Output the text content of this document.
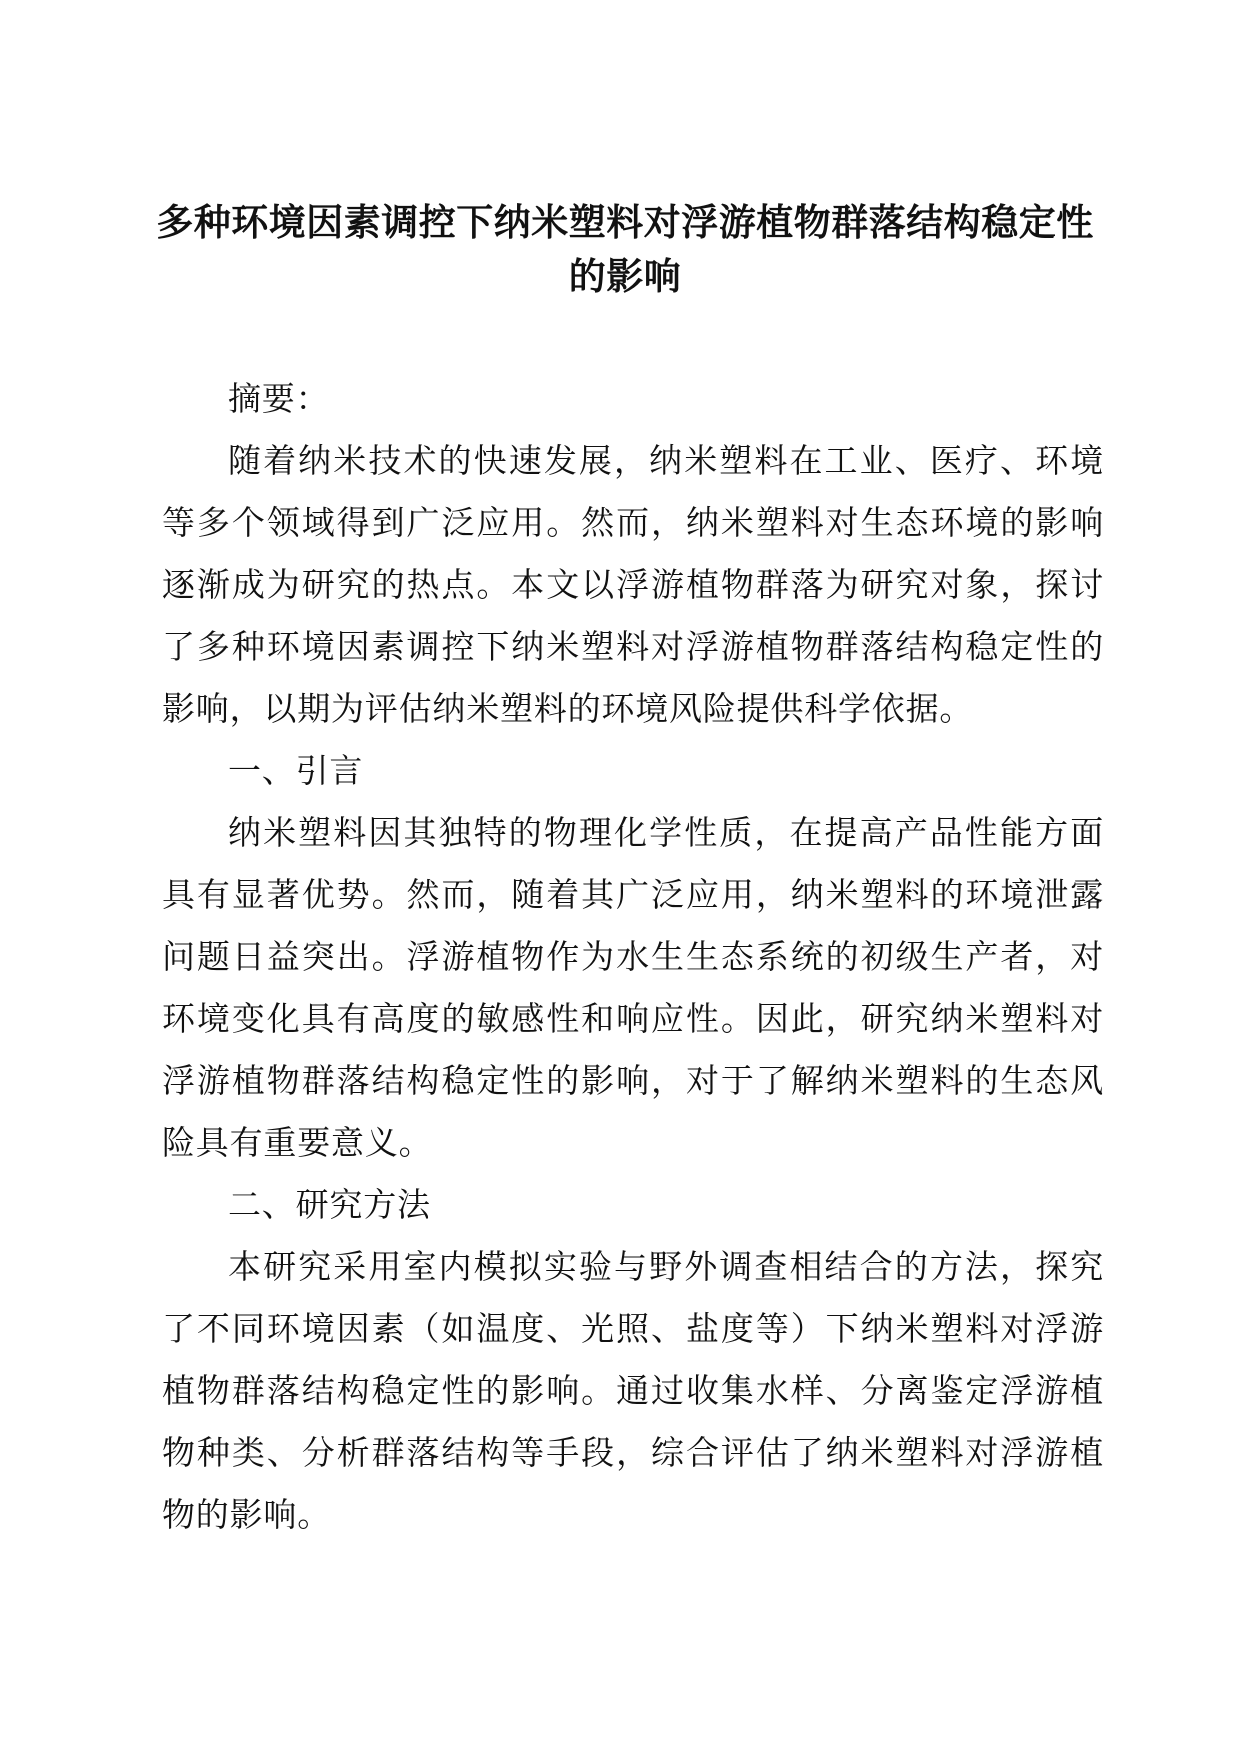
多种环境因素调控下纳米塑料对浮游植物群落结构稳定性
的影响

摘要：

随着纳米技术的快速发展，纳米塑料在工业、医疗、环境等多个领域得到广泛应用。然而，纳米塑料对生态环境的影响逐渐成为研究的热点。本文以浮游植物群落为研究对象，探讨了多种环境因素调控下纳米塑料对浮游植物群落结构稳定性的影响，以期为评估纳米塑料的环境风险提供科学依据。

一、引言

纳米塑料因其独特的物理化学性质，在提高产品性能方面具有显著优势。然而，随着其广泛应用，纳米塑料的环境泄露问题日益突出。浮游植物作为水生生态系统的初级生产者，对环境变化具有高度的敏感性和响应性。因此，研究纳米塑料对浮游植物群落结构稳定性的影响，对于了解纳米塑料的生态风险具有重要意义。

二、研究方法

本研究采用室内模拟实验与野外调查相结合的方法，探究了不同环境因素（如温度、光照、盐度等）下纳米塑料对浮游植物群落结构稳定性的影响。通过收集水样、分离鉴定浮游植物种类、分析群落结构等手段，综合评估了纳米塑料对浮游植物的影响。
